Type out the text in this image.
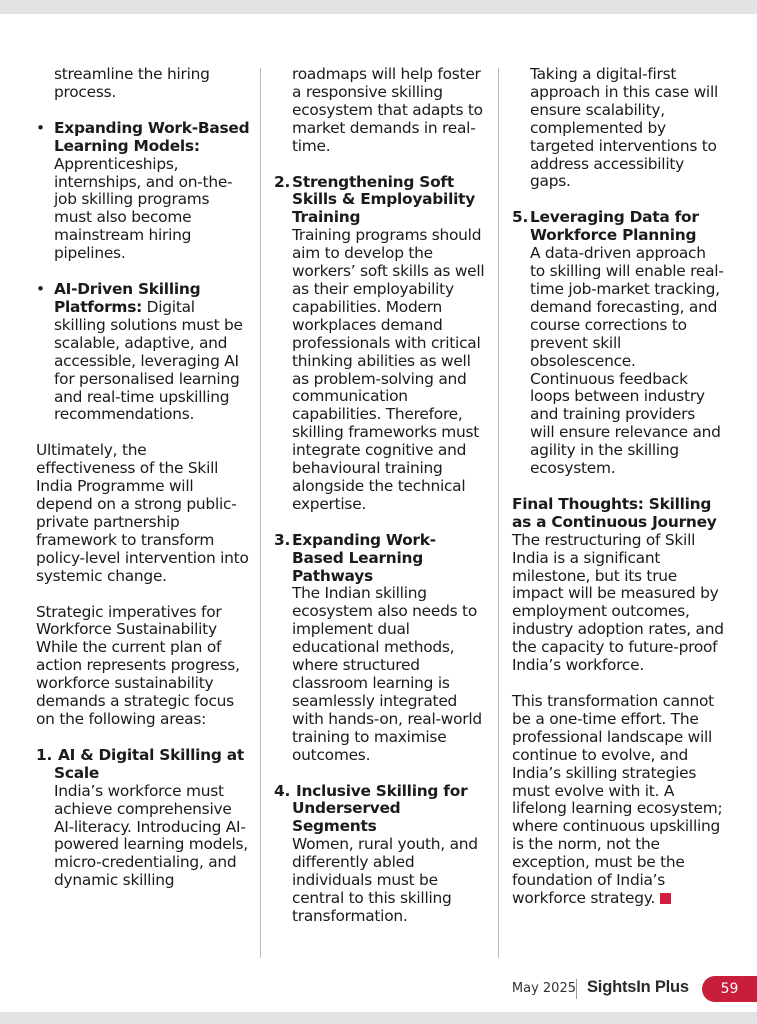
streamline the hiring process.

• Expanding Work-Based Learning Models: Apprenticeships, internships, and on-the-job skilling programs must also become mainstream hiring pipelines.

• AI-Driven Skilling Platforms: Digital skilling solutions must be scalable, adaptive, and accessible, leveraging AI for personalised learning and real-time upskilling recommendations.

Ultimately, the effectiveness of the Skill India Programme will depend on a strong public-private partnership framework to transform policy-level intervention into systemic change.

Strategic imperatives for Workforce Sustainability While the current plan of action represents progress, workforce sustainability demands a strategic focus on the following areas:

1. AI & Digital Skilling at Scale

India’s workforce must achieve comprehensive AI-literacy. Introducing AI-powered learning models, micro-credentialing, and dynamic skilling

roadmaps will help foster a responsive skilling ecosystem that adapts to market demands in real-time.

2. Strengthening Soft Skills & Employability Training

Training programs should aim to develop the workers’ soft skills as well as their employability capabilities. Modern workplaces demand professionals with critical thinking abilities as well as problem-solving and communication capabilities. Therefore, skilling frameworks must integrate cognitive and behavioural training alongside the technical expertise.

3. Expanding Work-Based Learning Pathways

The Indian skilling ecosystem also needs to implement dual educational methods, where structured classroom learning is seamlessly integrated with hands-on, real-world training to maximise outcomes.

4. Inclusive Skilling for Underserved Segments

Women, rural youth, and differently abled individuals must be central to this skilling transformation.

Taking a digital-first approach in this case will ensure scalability, complemented by targeted interventions to address accessibility gaps.

5. Leveraging Data for Workforce Planning

A data-driven approach to skilling will enable real-time job-market tracking, demand forecasting, and course corrections to prevent skill obsolescence. Continuous feedback loops between industry and training providers will ensure relevance and agility in the skilling ecosystem.

Final Thoughts: Skilling as a Continuous Journey

The restructuring of Skill India is a significant milestone, but its true impact will be measured by employment outcomes, industry adoption rates, and the capacity to future-proof India’s workforce.

This transformation cannot be a one-time effort. The professional landscape will continue to evolve, and India’s skilling strategies must evolve with it. A lifelong learning ecosystem; where continuous upskilling is the norm, not the exception, must be the foundation of India’s workforce strategy.

May 2025 SightsIn Plus	59
